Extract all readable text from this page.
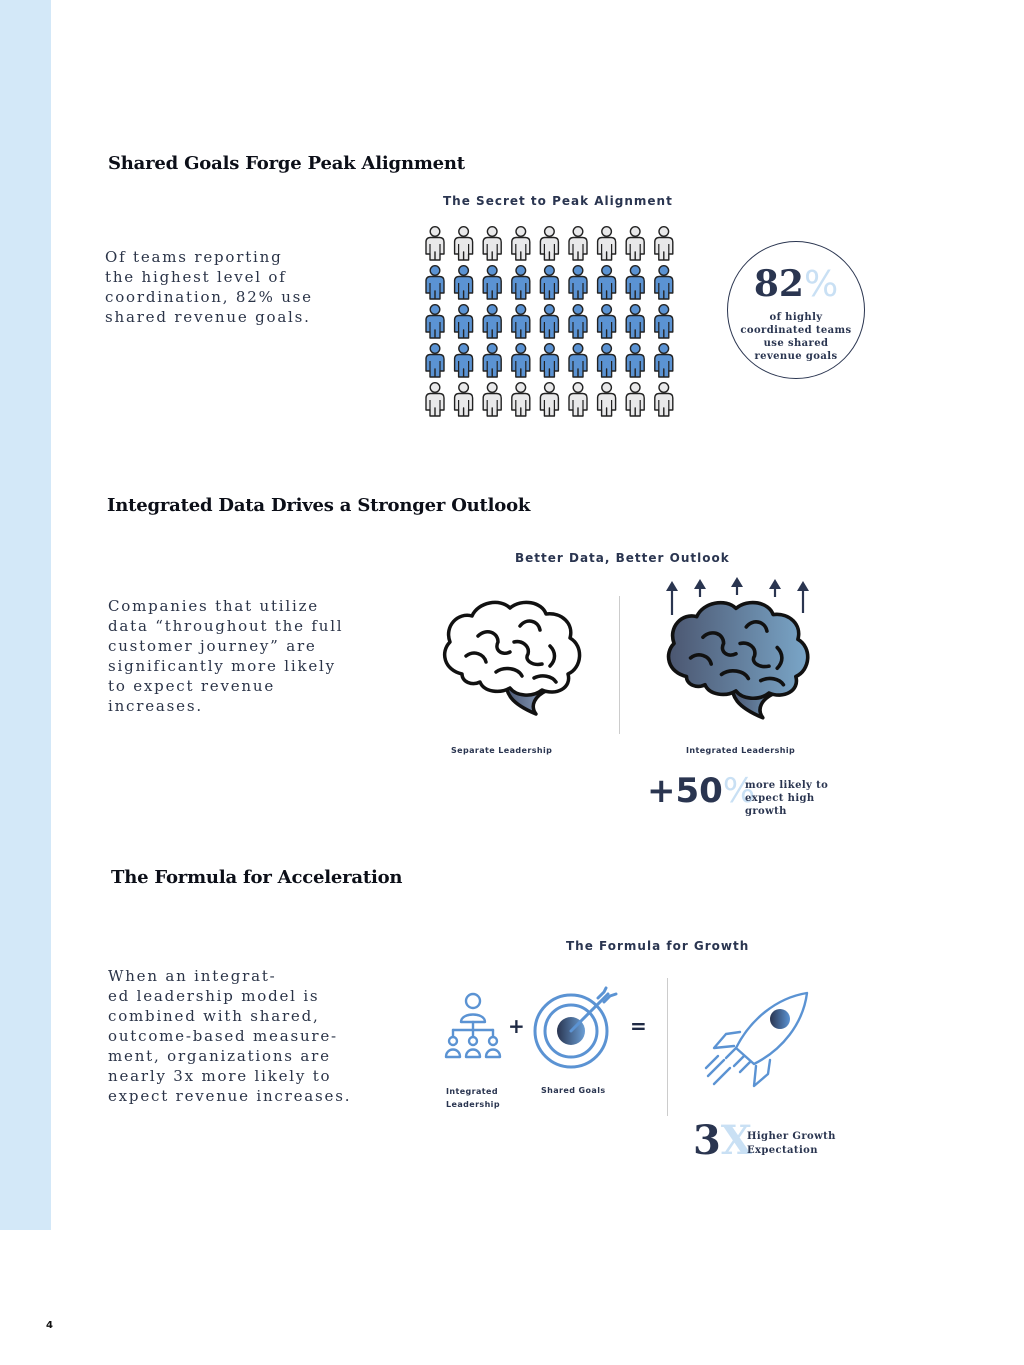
Shared Goals Forge Peak Alignment
The Secret to Peak Alignment

Of teams reporting
the highest level of
coordination, 82% use
shared revenue goals.

82%
of highly coordinated teams use shared revenue goals
Integrated Data Drives a Stronger Outlook
Better Data, Better Outlook

Companies that utilize
data “throughout the full
customer journey” are
significantly more likely
to expect revenue
increases.

Separate Leadership	Integrated Leadership
+50%
more likely to expect high growth
The Formula for Acceleration
The Formula for Growth

When an integrat-
ed leadership model is
combined with shared,
outcome-based measure-
ment, organizations are
nearly 3x more likely to
expect revenue increases.

+	=
Integrated
Leadership
Shared Goals
3X
Higher Growth Expectation
4
